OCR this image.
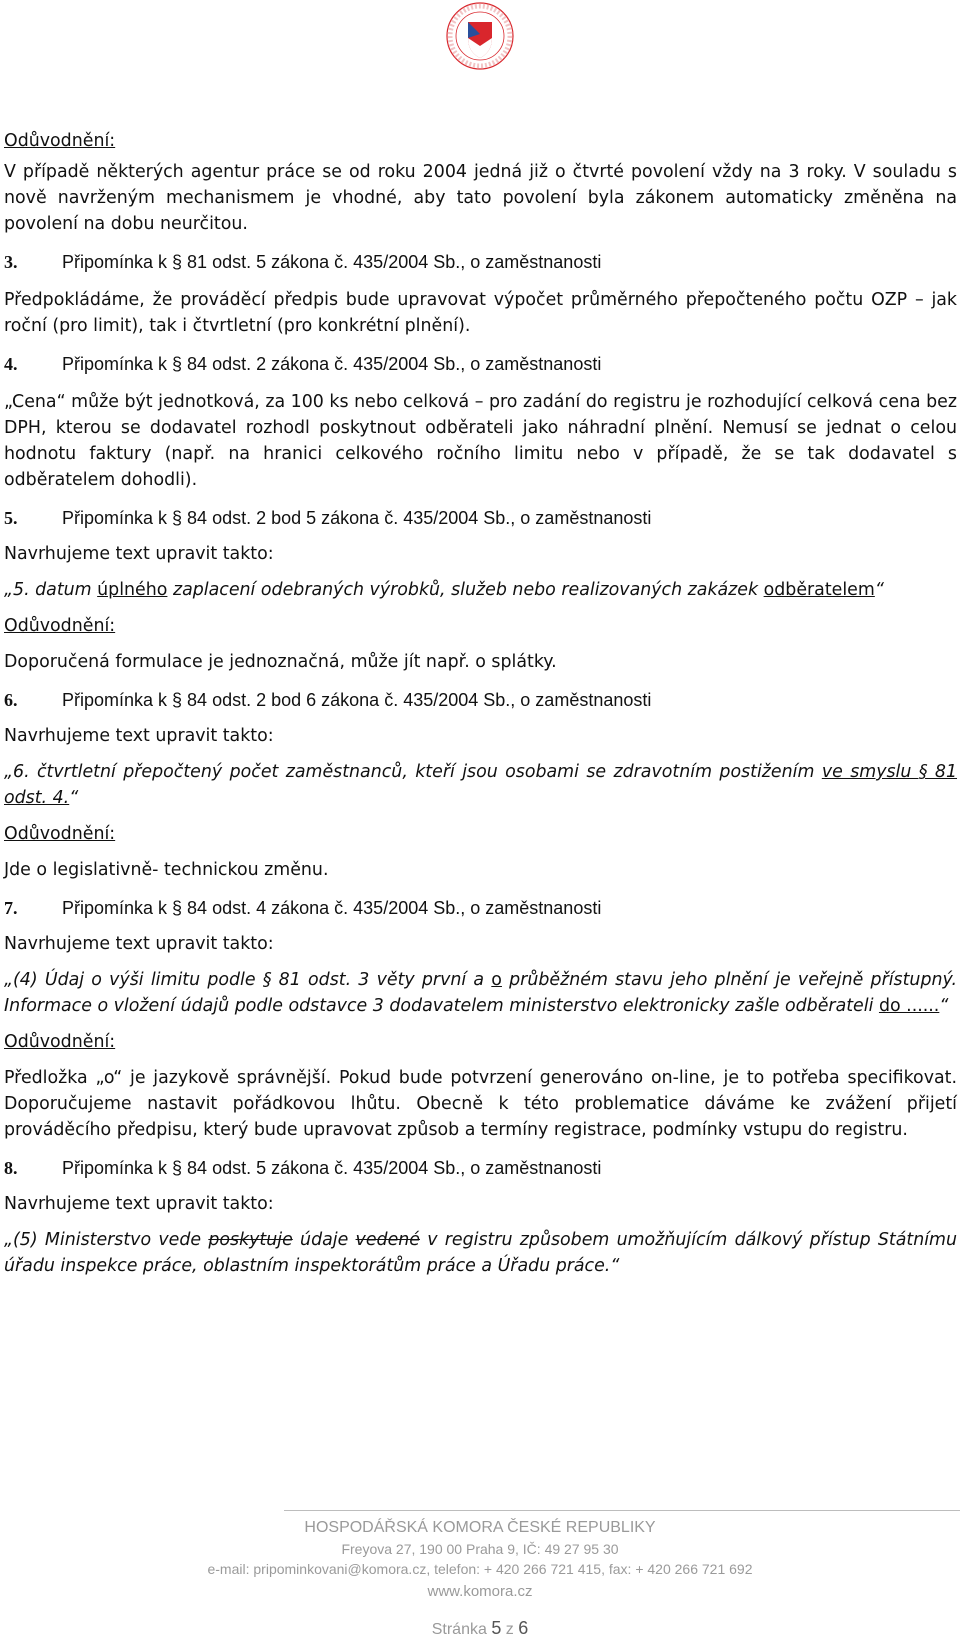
Odůvodnění:

V případě některých agentur práce se od roku 2004 jedná již o čtvrté povolení vždy na 3 roky. V souladu s nově navrženým mechanismem je vhodné, aby tato povolení byla zákonem automaticky změněna na povolení na dobu neurčitou.

3. Připomínka k § 81 odst. 5 zákona č. 435/2004 Sb., o zaměstnanosti

Předpokládáme, že prováděcí předpis bude upravovat výpočet průměrného přepočteného počtu OZP – jak roční (pro limit), tak i čtvrtletní (pro konkrétní plnění).

4. Připomínka k § 84 odst. 2 zákona č. 435/2004 Sb., o zaměstnanosti

„Cena“ může být jednotková, za 100 ks nebo celková – pro zadání do registru je rozhodující celková cena bez DPH, kterou se dodavatel rozhodl poskytnout odběrateli jako náhradní plnění. Nemusí se jednat o celou hodnotu faktury (např. na hranici celkového ročního limitu nebo v případě, že se tak dodavatel s odběratelem dohodli).

5. Připomínka k § 84 odst. 2 bod 5 zákona č. 435/2004 Sb., o zaměstnanosti

Navrhujeme text upravit takto:

„5. datum úplného zaplacení odebraných výrobků, služeb nebo realizovaných zakázek odběratelem“

Odůvodnění:

Doporučená formulace je jednoznačná, může jít např. o splátky.

6. Připomínka k § 84 odst. 2 bod 6 zákona č. 435/2004 Sb., o zaměstnanosti

Navrhujeme text upravit takto:

„6. čtvrtletní přepočtený počet zaměstnanců, kteří jsou osobami se zdravotním postižením ve smyslu § 81 odst. 4.“

Odůvodnění:

Jde o legislativně- technickou změnu.

7. Připomínka k § 84 odst. 4 zákona č. 435/2004 Sb., o zaměstnanosti

Navrhujeme text upravit takto:

„(4) Údaj o výši limitu podle § 81 odst. 3 věty první a o průběžném stavu jeho plnění je veřejně přístupný. Informace o vložení údajů podle odstavce 3 dodavatelem ministerstvo elektronicky zašle odběrateli do ......“

Odůvodnění:

Předložka „o“ je jazykově správnější. Pokud bude potvrzení generováno on-line, je to potřeba specifikovat. Doporučujeme nastavit pořádkovou lhůtu. Obecně k této problematice dáváme ke zvážení přijetí prováděcího předpisu, který bude upravovat způsob a termíny registrace, podmínky vstupu do registru.

8. Připomínka k § 84 odst. 5 zákona č. 435/2004 Sb., o zaměstnanosti

Navrhujeme text upravit takto:

„(5) Ministerstvo vede poskytuje údaje vedené v registru způsobem umožňujícím dálkový přístup Státnímu úřadu inspekce práce, oblastním inspektorátům práce a Úřadu práce.“

HOSPODÁŘSKÁ KOMORA ČESKÉ REPUBLIKY
Freyova 27, 190 00 Praha 9, IČ: 49 27 95 30
e-mail: pripominkovani@komora.cz, telefon: + 420 266 721 415, fax: + 420 266 721 692
www.komora.cz
Stránka 5 z 6
